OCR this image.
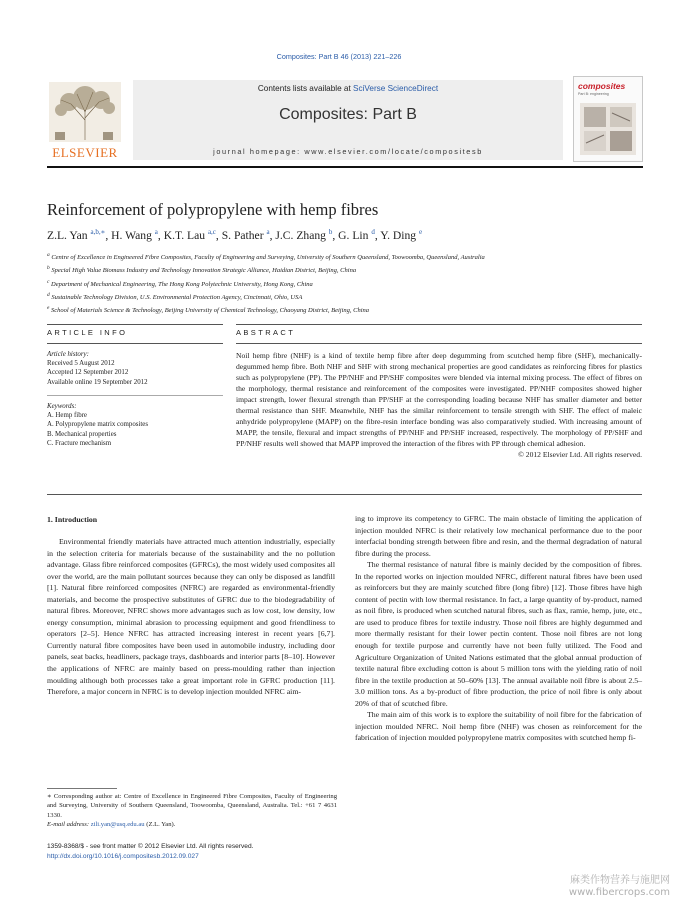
Composites: Part B 46 (2013) 221–226
Contents lists available at SciVerse ScienceDirect
Composites: Part B
journal homepage: www.elsevier.com/locate/compositesb
ELSEVIER
composites
Part B: engineering
Reinforcement of polypropylene with hemp fibres
Z.L. Yan $^{a,b,∗}$, H. Wang $^a$, K.T. Lau $^{a,c}$, S. Pather $^a$, J.C. Zhang $^b$, G. Lin $^d$, Y. Ding $^e$
$^a$ Centre of Excellence in Engineered Fibre Composites, Faculty of Engineering and Surveying, University of Southern Queensland, Toowoomba, Queensland, Australia
$^b$ Special High Value Biomass Industry and Technology Innovation Strategic Alliance, Haidian District, Beijing, China
$^c$ Department of Mechanical Engineering, The Hong Kong Polytechnic University, Hong Kong, China
$^d$ Sustainable Technology Division, U.S. Environmental Protection Agency, Cincinnati, Ohio, USA
$^e$ School of Materials Science & Technology, Beijing University of Chemical Technology, Chaoyang District, Beijing, China
ARTICLE INFO
Article history:
Received 5 August 2012
Accepted 12 September 2012
Available online 19 September 2012
Keywords:
A. Hemp fibre
A. Polypropylene matrix composites
B. Mechanical properties
C. Fracture mechanism
ABSTRACT
Noil hemp fibre (NHF) is a kind of textile hemp fibre after deep degumming from scutched hemp fibre (SHF), mechanically-degummed hemp fibre. Both NHF and SHF with strong mechanical properties are good candidates as reinforcing fibres for plastics such as polypropylene (PP). The PP/NHF and PP/SHF composites were blended via internal mixing process. The effect of fibres on the morphology, thermal resistance and reinforcement of the composites were investigated. PP/NHF composites showed higher impact strength, lower flexural strength than PP/SHF at the corresponding loading because NHF has smaller diameter and better thermal resistance than SHF. Meanwhile, NHF has the similar reinforcement to tensile strength with SHF. The effect of maleic anhydride polypropylene (MAPP) on the fibre-resin interface bonding was also comparatively studied. With increasing amount of MAPP, the tensile, flexural and impact strengths of PP/NHF and PP/SHF increased, respectively. The morphology of PP/SHF and PP/NHF results well showed that MAPP improved the interaction of the fibres with PP through chemical adhesion.
© 2012 Elsevier Ltd. All rights reserved.
1. Introduction

Environmental friendly materials have attracted much attention industrially, especially in the selection criteria for materials because of the sustainability and the no pollution advantage. Glass fibre reinforced composites (GFRCs), the most widely used composites all over the world, are the main pollutant sources because they can only be disposed as landfill [1]. Natural fibre reinforced composites (NFRC) are regarded as environmental-friendly materials, and become the prospective substitutes of GFRC due to the biodegradability of natural fibres. Moreover, NFRC shows more advantages such as low cost, low density, low energy consumption, minimal abrasion to processing equipment and good friendliness to operators [2–5]. Hence NFRC has attracted increasing interest in recent years [6,7]. Currently natural fibre composites have been used in automobile industry, including door panels, seat backs, headliners, package trays, dashboards and interior parts [8–10]. However the applications of NFRC are mainly based on press-moulding rather than injection moulding although both processes take a great important role in GFRC production [11]. Therefore, a major concern in NFRC is to develop injection moulded NFRC aim-

ing to improve its competency to GFRC. The main obstacle of limiting the application of injection moulded NFRC is their relatively low mechanical performance due to the poor interfacial bonding strength between fibre and resin, and the thermal degradation of natural fibre during the process.

The thermal resistance of natural fibre is mainly decided by the composition of fibres. In the reported works on injection moulded NFRC, different natural fibres have been used as reinforcers but they are mainly scutched fibre (long fibre) [12]. Those fibres have high content of pectin with low thermal resistance. In fact, a large quantity of by-product, named as noil fibre, is produced when scutched natural fibres, such as flax, ramie, hemp, jute, etc., are used to produce fibres for textile industry. Those noil fibres are highly degummed and more thermally resistant for their lower pectin content. Those noil fibres are not long enough for textile purpose and currently have not been fully utilized. The Food and Agriculture Organization of United Nations estimated that the global annual production of textile natural fibre excluding cotton is about 5 million tons with the yielding ratio of noil fibre in the textile production at 50–60% [13]. The annual available noil fibre is about 2.5–3.0 million tons. As a by-product of fibre production, the price of noil fibre is only about 20% of that of scutched fibre.

The main aim of this work is to explore the suitability of noil fibre for the fabrication of injection moulded NFRC. Noil hemp fibre (NHF) was chosen as reinforcement for the fabrication of injection moulded polypropylene matrix composites with scutched hemp fi-

∗ Corresponding author at: Centre of Excellence in Engineered Fibre Composites, Faculty of Engineering and Surveying, University of Southern Queensland, Toowoomba, Queensland, Australia. Tel.: +61 7 4631 1330.
E-mail address: zili.yan@usq.edu.au (Z.L. Yan).
1359-8368/$ - see front matter © 2012 Elsevier Ltd. All rights reserved.
http://dx.doi.org/10.1016/j.compositesb.2012.09.027
麻类作物营养与施肥网
www.fibercrops.com
